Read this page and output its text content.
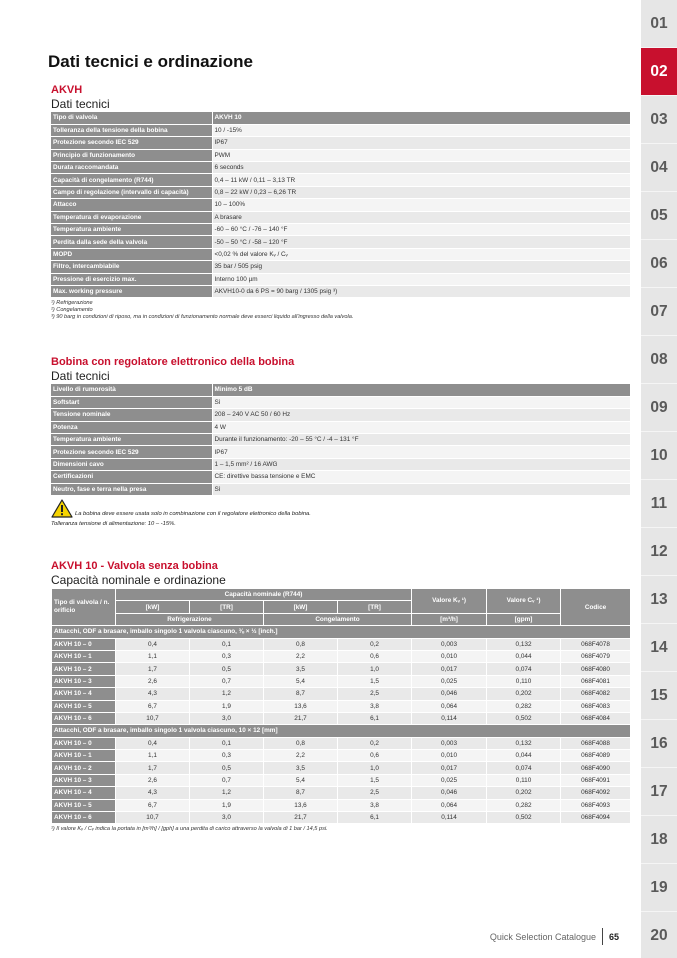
Dati tecnici e ordinazione
AKVH
Dati tecnici
Tipo di valvola	AKVH 10
Tolleranza della tensione della bobina	10 / -15%
Protezione secondo IEC 529	IP67
Principio di funzionamento	PWM
Durata raccomandata	6 seconds
Capacità di congelamento (R744)	0,4 – 11 kW / 0,11 – 3,13 TR
Campo di regolazione (intervallo di capacità)	0,8 – 22 kW / 0,23 – 6,26 TR
Attacco	10 – 100%
Temperatura di evaporazione	A brasare
Temperatura ambiente	-60 – 60 °C / -76 – 140 °F
Perdita dalla sede della valvola	-50 – 50 °C / -58 – 120 °F
MOPD	<0,02 % del valore Kᵥ / Cᵥ
Filtro, intercambiabile	35 bar / 505 psig
Pressione di esercizio max.	Interno 100 µm
Max. working pressure	AKVH10-0 da 6 PS = 90 barg / 1305 psig ³)
¹) Refrigerazione
²) Congelamento
³) 90 barg in condizioni di riposo, ma in condizioni di funzionamento normale deve esserci liquido all'ingresso della valvola.
Bobina con regolatore elettronico della bobina
Dati tecnici
Livello di rumorosità	Minimo 5 dB
Softstart	Sì
Tensione nominale	208 – 240 V AC 50 / 60 Hz
Potenza	4 W
Temperatura ambiente	Durante il funzionamento: -20 – 55 °C / -4 – 131 °F
Protezione secondo IEC 529	IP67
Dimensioni cavo	1 – 1,5 mm² / 16 AWG
Certificazioni	CE: direttive bassa tensione e EMC
Neutro, fase e terra nella presa	Sì
La bobina deve essere usata solo in combinazione con il regolatore elettronico della bobina.
Tolleranza tensione di alimentazione: 10 – -15%.
AKVH 10 - Valvola senza bobina
Capacità nominale e ordinazione
Tipo di valvola / n. orificio	Capacità nominale (R744)				Valore Kᵥ ¹)	Valore Cᵥ ¹)	Codice
	[kW]	[TR]	[kW]	[TR]			
	Refrigerazione		Congelamento		[m³/h]	[gpm]	
Attacchi, ODF a brasare, imballo singolo 1 valvola ciascuno, ⅜ × ½ [inch.]							
AKVH 10 – 0	0,4	0,1	0,8	0,2	0,003	0,132	068F4078
AKVH 10 – 1	1,1	0,3	2,2	0,6	0,010	0,044	068F4079
AKVH 10 – 2	1,7	0,5	3,5	1,0	0,017	0,074	068F4080
AKVH 10 – 3	2,6	0,7	5,4	1,5	0,025	0,110	068F4081
AKVH 10 – 4	4,3	1,2	8,7	2,5	0,046	0,202	068F4082
AKVH 10 – 5	6,7	1,9	13,6	3,8	0,064	0,282	068F4083
AKVH 10 – 6	10,7	3,0	21,7	6,1	0,114	0,502	068F4084
Attacchi, ODF a brasare, imballo singolo 1 valvola ciascuno, 10 × 12 [mm]							
AKVH 10 – 0	0,4	0,1	0,8	0,2	0,003	0,132	068F4088
AKVH 10 – 1	1,1	0,3	2,2	0,6	0,010	0,044	068F4089
AKVH 10 – 2	1,7	0,5	3,5	1,0	0,017	0,074	068F4090
AKVH 10 – 3	2,6	0,7	5,4	1,5	0,025	0,110	068F4091
AKVH 10 – 4	4,3	1,2	8,7	2,5	0,046	0,202	068F4092
AKVH 10 – 5	6,7	1,9	13,6	3,8	0,064	0,282	068F4093
AKVH 10 – 6	10,7	3,0	21,7	6,1	0,114	0,502	068F4094
¹) Il valore Kᵥ / Cᵥ indica la portata in [m³/h] / [gph] a una perdita di carico attraverso la valvola di 1 bar / 14,5 psi.
01
02
03
04
05
06
07
08
09
10
11
12
13
14
15
16
17
18
19
20
Quick Selection Catalogue 65
